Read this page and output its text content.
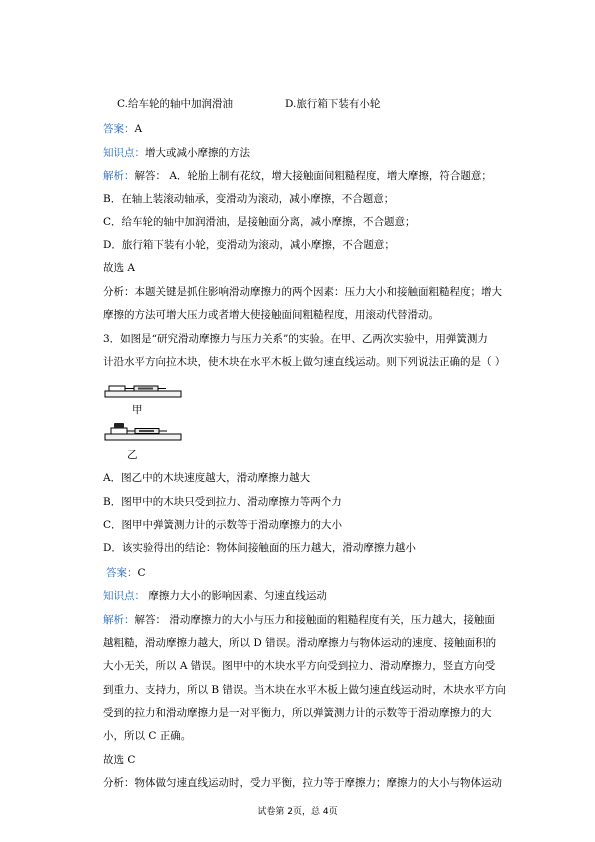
C.给车轮的轴中加润滑油	D.旅行箱下装有小轮
答案：A
知识点：增大或减小摩擦的方法
解析：解答： A．轮胎上制有花纹，增大接触面间粗糙程度，增大摩擦，符合题意；
B．在轴上装滚动轴承，变滑动为滚动，减小摩擦，不合题意；
C．给车轮的轴中加润滑油，是接触面分离，减小摩擦，不合题意；
D．旅行箱下装有小轮，变滑动为滚动，减小摩擦，不合题意；
故选 A
分析：本题关键是抓住影响滑动摩擦力的两个因素：压力大小和接触面粗糙程度；增大
摩擦的方法可增大压力或者增大使接触面间粗糙程度，用滚动代替滑动。
3．如图是“研究滑动摩擦力与压力关系”的实验。在甲、乙两次实验中，用弹簧测力
计沿水平方向拉木块，使木块在水平木板上做匀速直线运动。则下列说法正确的是（ ）
甲
乙
A．图乙中的木块速度越大，滑动摩擦力越大
B．图甲中的木块只受到拉力、滑动摩擦力等两个力
C．图甲中弹簧测力计的示数等于滑动摩擦力的大小
D．该实验得出的结论：物体间接触面的压力越大，滑动摩擦力越小
答案：C
知识点： 摩擦力大小的影响因素、匀速直线运动
解析：解答： 滑动摩擦力的大小与压力和接触面的粗糙程度有关，压力越大，接触面
越粗糙，滑动摩擦力越大，所以 D 错误。滑动摩擦力与物体运动的速度、接触面积的
大小无关，所以 A 错误。图甲中的木块水平方向受到拉力、滑动摩擦力，竖直方向受
到重力、支持力，所以 B 错误。当木块在水平木板上做匀速直线运动时，木块水平方向
受到的拉力和滑动摩擦力是一对平衡力，所以弹簧测力计的示数等于滑动摩擦力的大
小，所以 C 正确。
故选 C
分析：物体做匀速直线运动时，受力平衡，拉力等于摩擦力；摩擦力的大小与物体运动
试卷第 2页，总 4页
